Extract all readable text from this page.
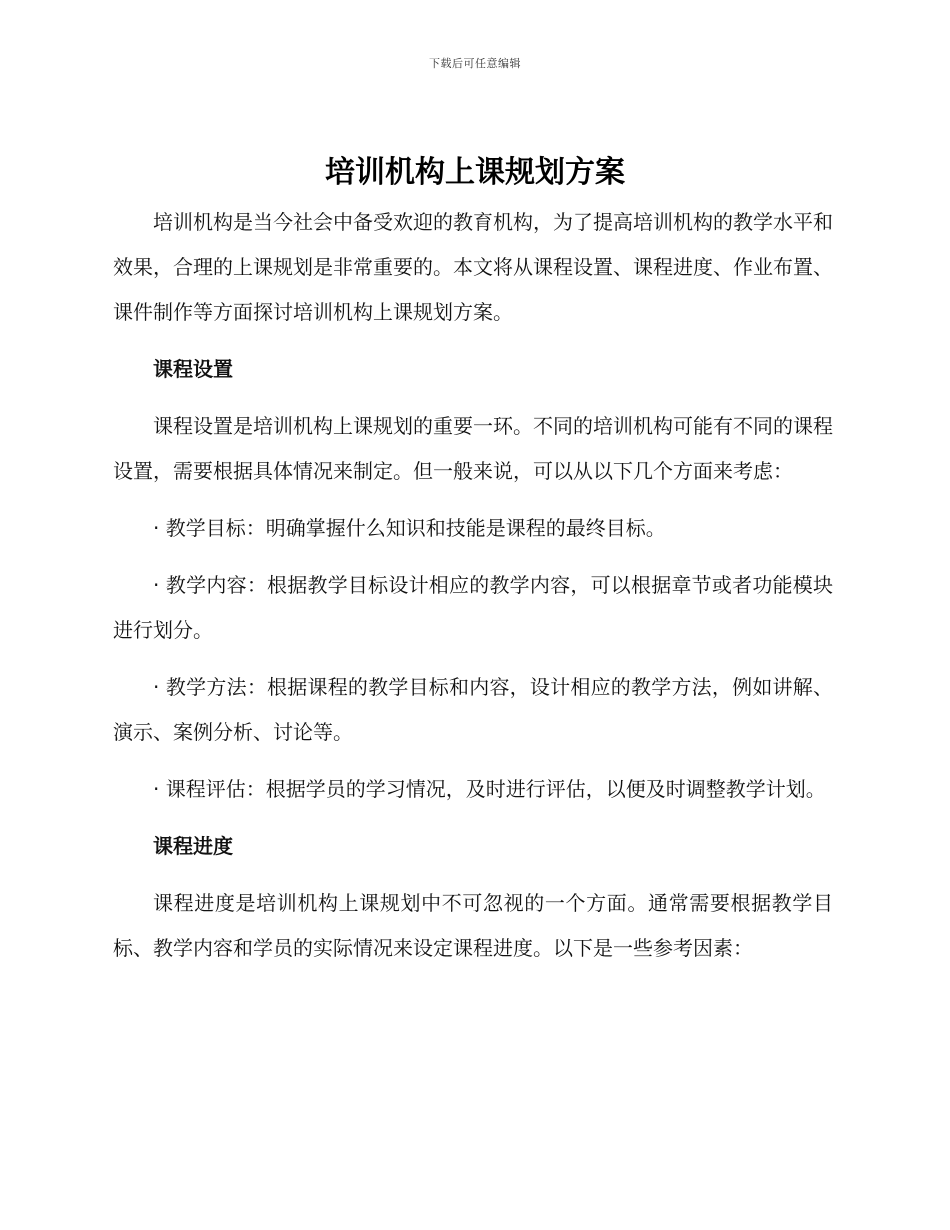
下载后可任意编辑
培训机构上课规划方案

培训机构是当今社会中备受欢迎的教育机构，为了提高培训机构的教学水平和效果，合理的上课规划是非常重要的。本文将从课程设置、课程进度、作业布置、课件制作等方面探讨培训机构上课规划方案。

课程设置

课程设置是培训机构上课规划的重要一环。不同的培训机构可能有不同的课程设置，需要根据具体情况来制定。但一般来说，可以从以下几个方面来考虑：

· 教学目标：明确掌握什么知识和技能是课程的最终目标。

· 教学内容：根据教学目标设计相应的教学内容，可以根据章节或者功能模块进行划分。

· 教学方法：根据课程的教学目标和内容，设计相应的教学方法，例如讲解、演示、案例分析、讨论等。

· 课程评估：根据学员的学习情况，及时进行评估，以便及时调整教学计划。

课程进度

课程进度是培训机构上课规划中不可忽视的一个方面。通常需要根据教学目标、教学内容和学员的实际情况来设定课程进度。以下是一些参考因素：
